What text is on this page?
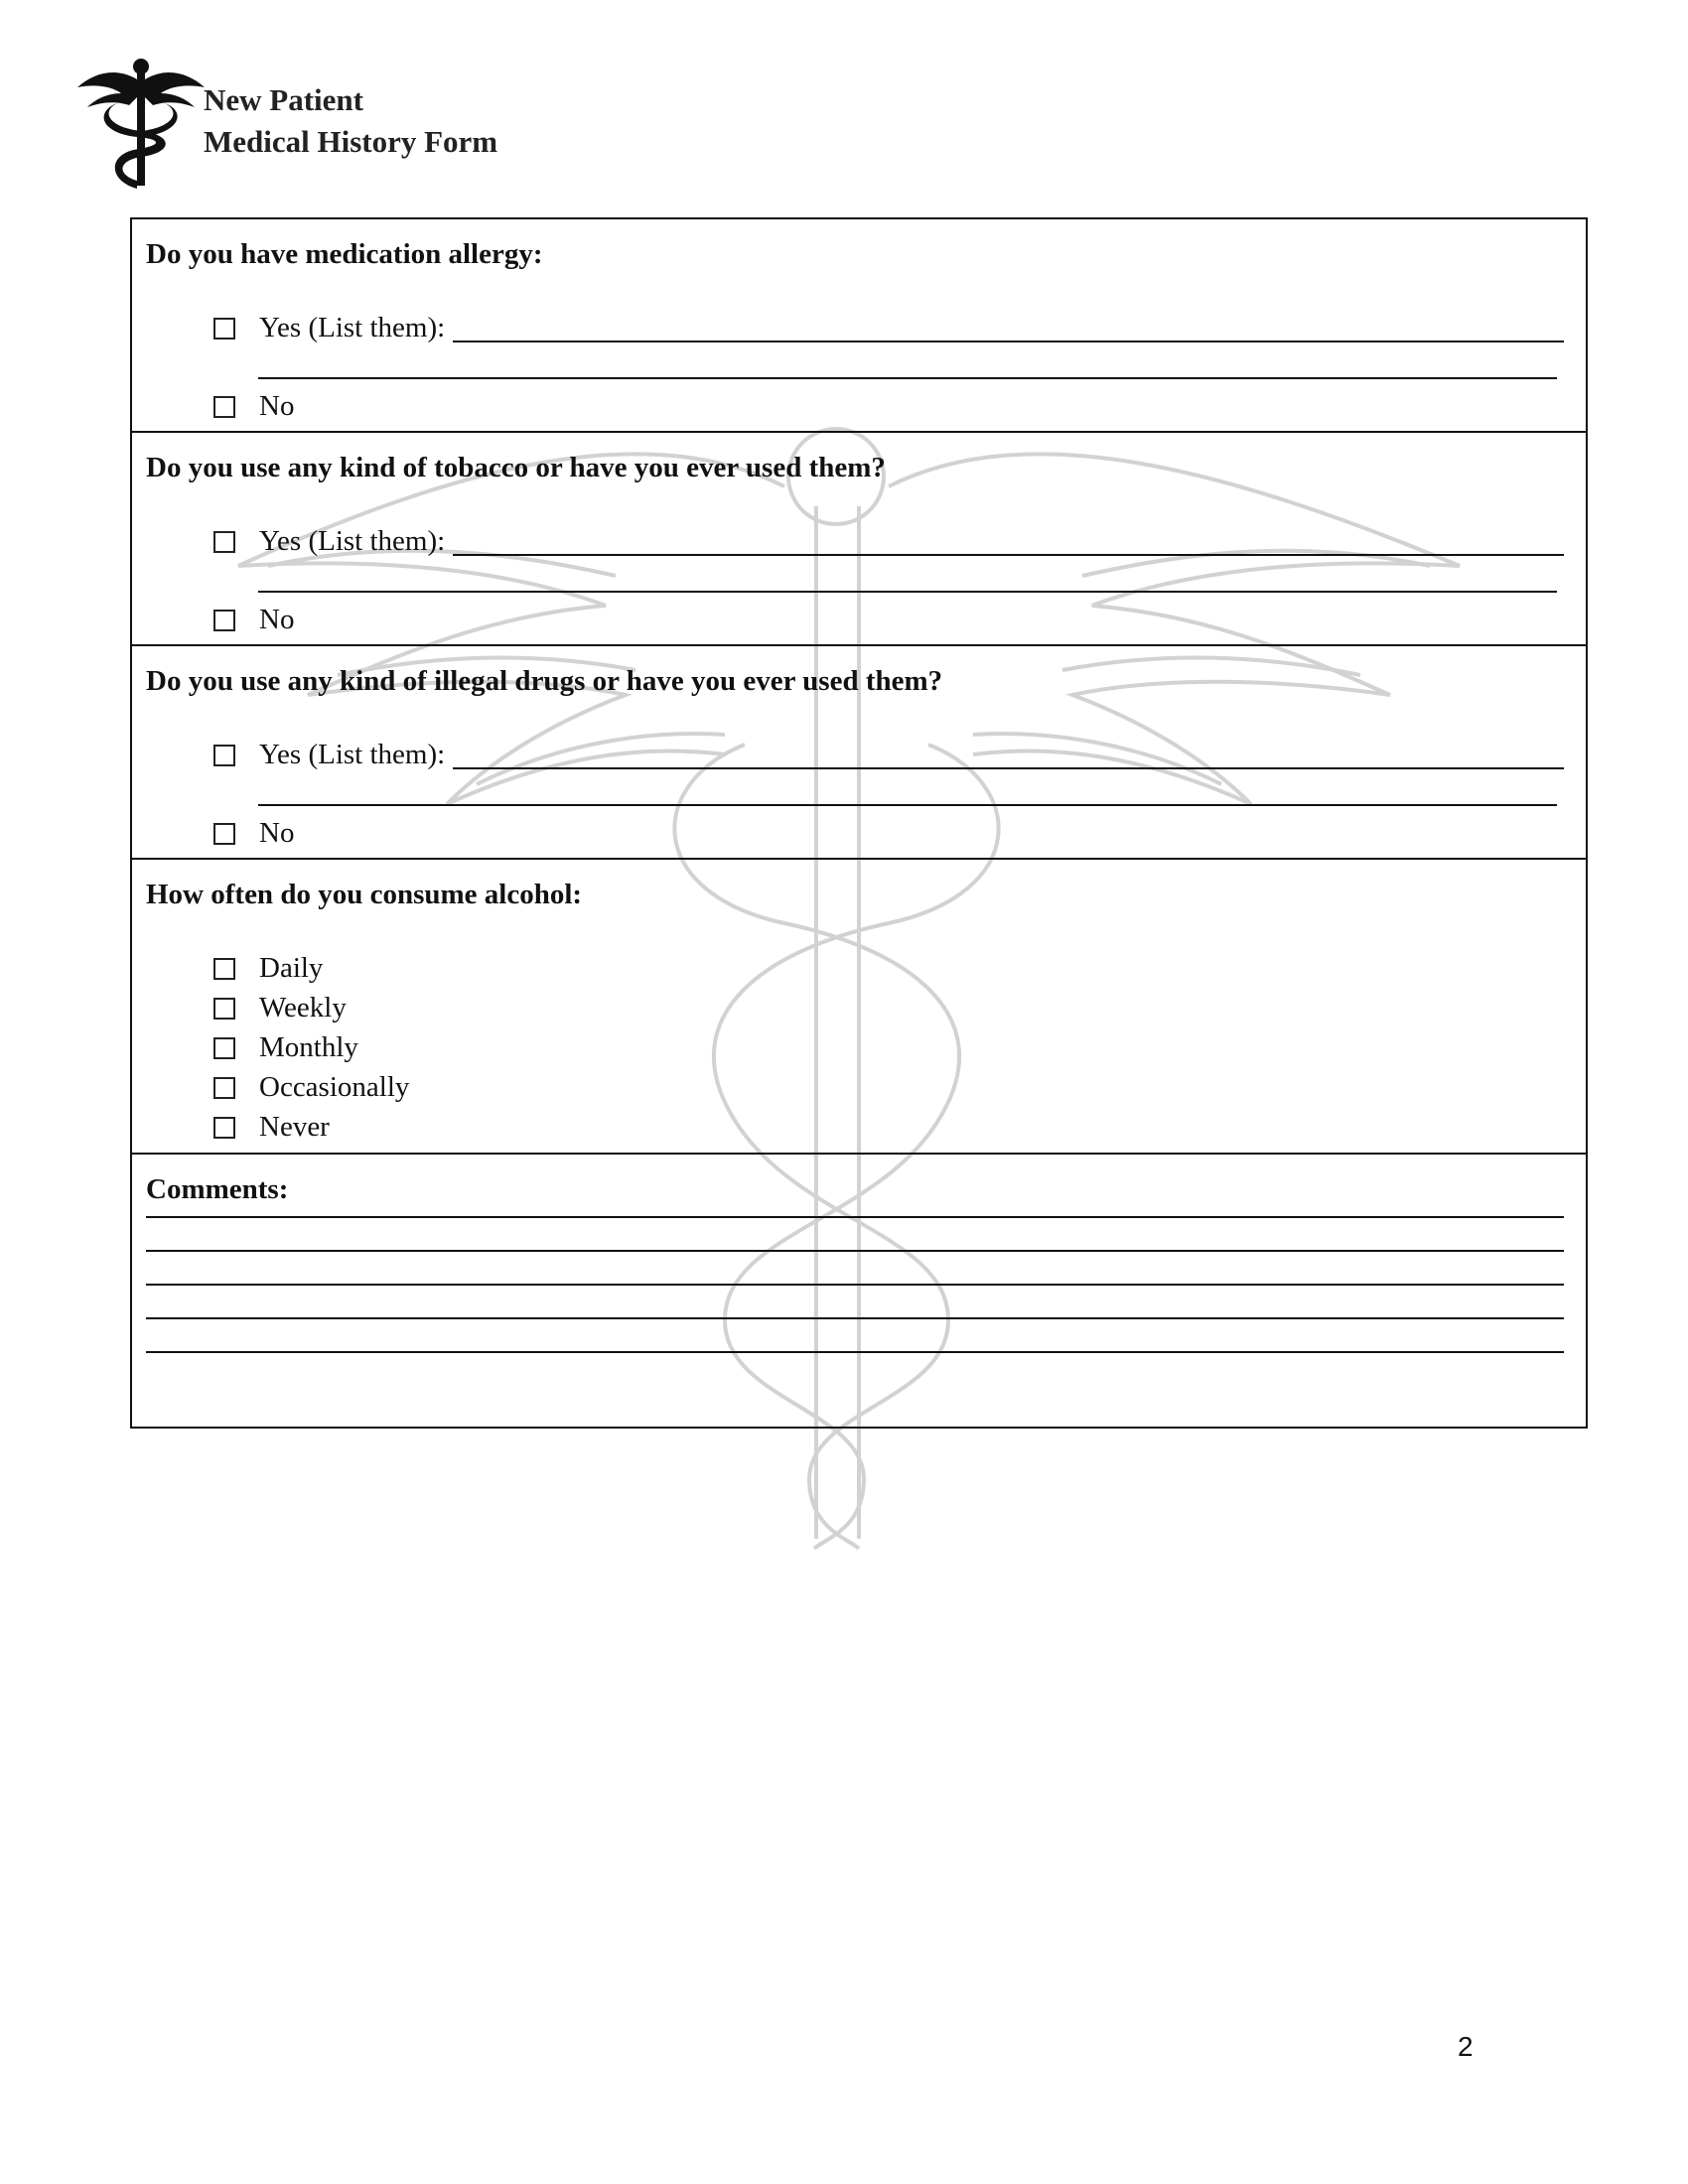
New Patient
Medical History Form
Do you have medication allergy:
Yes (List them):
No
Do you use any kind of tobacco or have you ever used them?
Yes (List them):
No
Do you use any kind of illegal drugs or have you ever used them?
Yes (List them):
No
How often do you consume alcohol:
Daily
Weekly
Monthly
Occasionally
Never
Comments:
2
